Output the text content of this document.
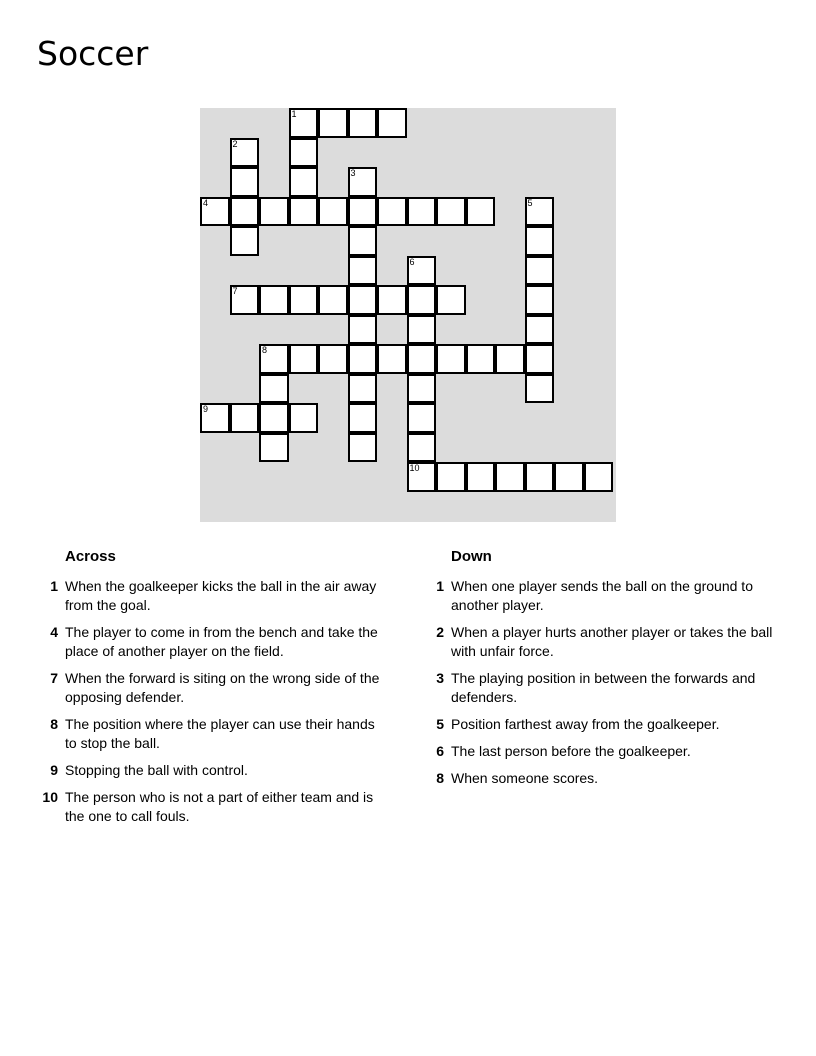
Soccer
1
2
3
4	5
6
10
7
8
9
Across
1 When the goalkeeper kicks the ball in the air away from the goal.
4 The player to come in from the bench and take the place of another player on the field.
7 When the forward is siting on the wrong side of the opposing defender.
8 The position where the player can use their hands to stop the ball.
9 Stopping the ball with control.
10 The person who is not a part of either team and is the one to call fouls.
Down
1 When one player sends the ball on the ground to another player.
2 When a player hurts another player or takes the ball with unfair force.
3 The playing position in between the forwards and defenders.
5 Position farthest away from the goalkeeper.
6 The last person before the goalkeeper.
8 When someone scores.
